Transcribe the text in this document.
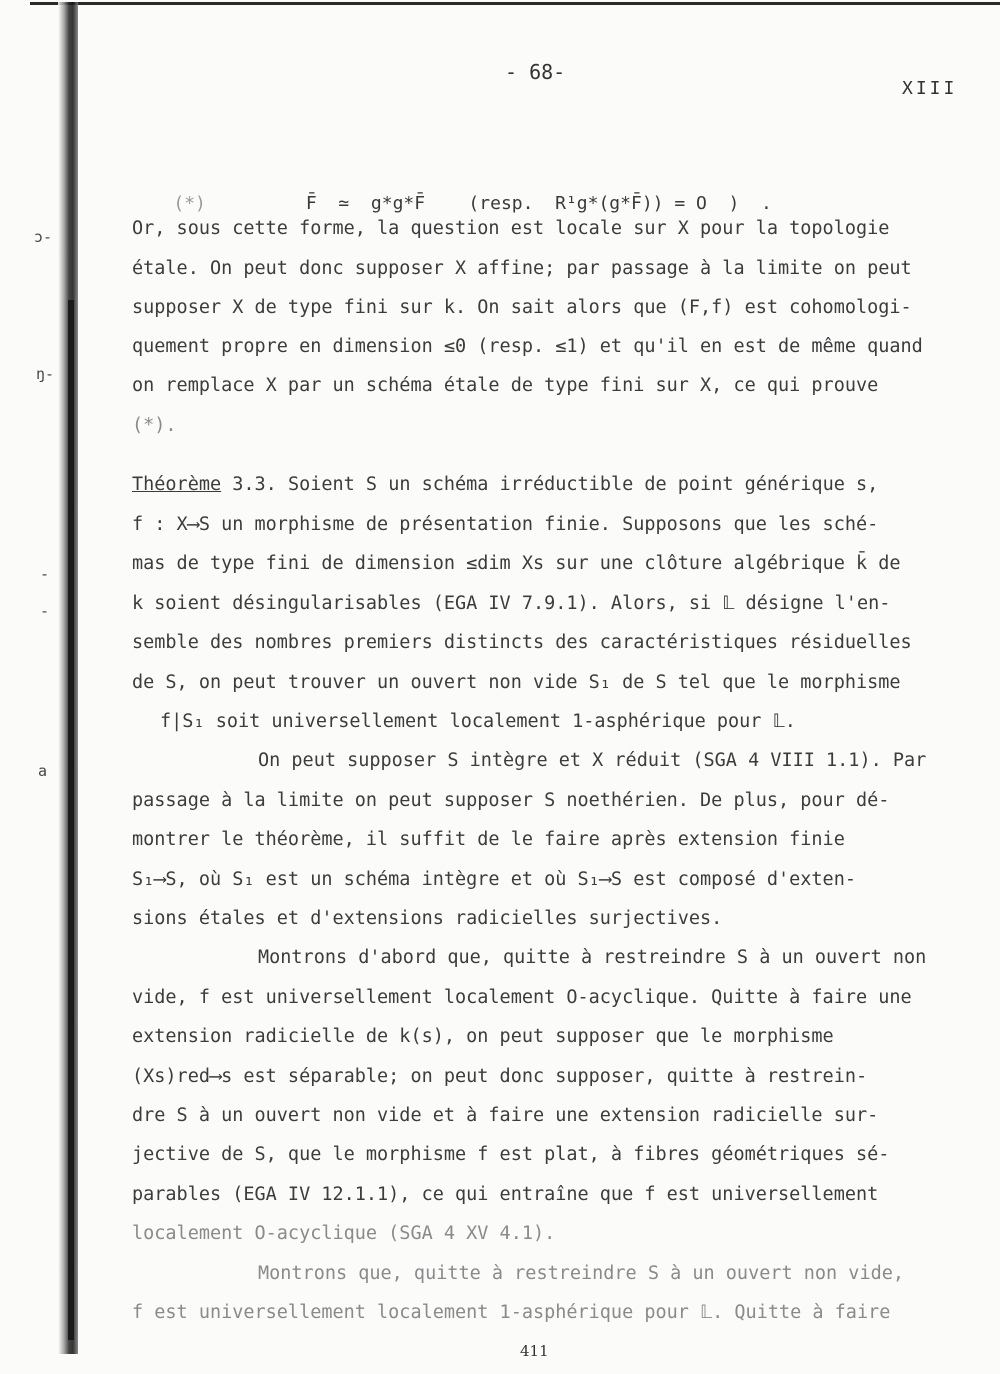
ɔ-
ŋ-
-
-
a
- 68-
XIII

(*)	F̄  ≃  g*g*F̄    (resp.  R¹g*(g*F̄)) = O  )  .

Or, sous cette forme, la question est locale sur X pour la topologie
étale. On peut donc supposer X affine; par passage à la limite on peut
supposer X de type fini sur k. On sait alors que (F,f) est cohomologi-
quement propre en dimension ≤0 (resp. ≤1) et qu'il en est de même quand
on remplace X par un schéma étale de type fini sur X, ce qui prouve
(*).
Théorème 3.3. Soient S un schéma irréductible de point générique s,
f : X⟶S un morphisme de présentation finie. Supposons que les sché-
mas de type fini de dimension ≤dim Xs sur une clôture algébrique k̄ de
k soient désingularisables (EGA IV 7.9.1). Alors, si 𝕃 désigne l'en-
semble des nombres premiers distincts des caractéristiques résiduelles
de S, on peut trouver un ouvert non vide S₁ de S tel que le morphisme
f|S₁ soit universellement localement 1-asphérique pour 𝕃.
On peut supposer S intègre et X réduit (SGA 4 VIII 1.1). Par
passage à la limite on peut supposer S noethérien. De plus, pour dé-
montrer le théorème, il suffit de le faire après extension finie
S₁⟶S, où S₁ est un schéma intègre et où S₁⟶S est composé d'exten-
sions étales et d'extensions radicielles surjectives.
Montrons d'abord que, quitte à restreindre S à un ouvert non
vide, f est universellement localement O-acyclique. Quitte à faire une
extension radicielle de k(s), on peut supposer que le morphisme
(Xs)red⟶s est séparable; on peut donc supposer, quitte à restrein-
dre S à un ouvert non vide et à faire une extension radicielle sur-
jective de S, que le morphisme f est plat, à fibres géométriques sé-
parables (EGA IV 12.1.1), ce qui entraîne que f est universellement
localement O-acyclique (SGA 4 XV 4.1).
Montrons que, quitte à restreindre S à un ouvert non vide,
f est universellement localement 1-asphérique pour 𝕃. Quitte à faire
411
